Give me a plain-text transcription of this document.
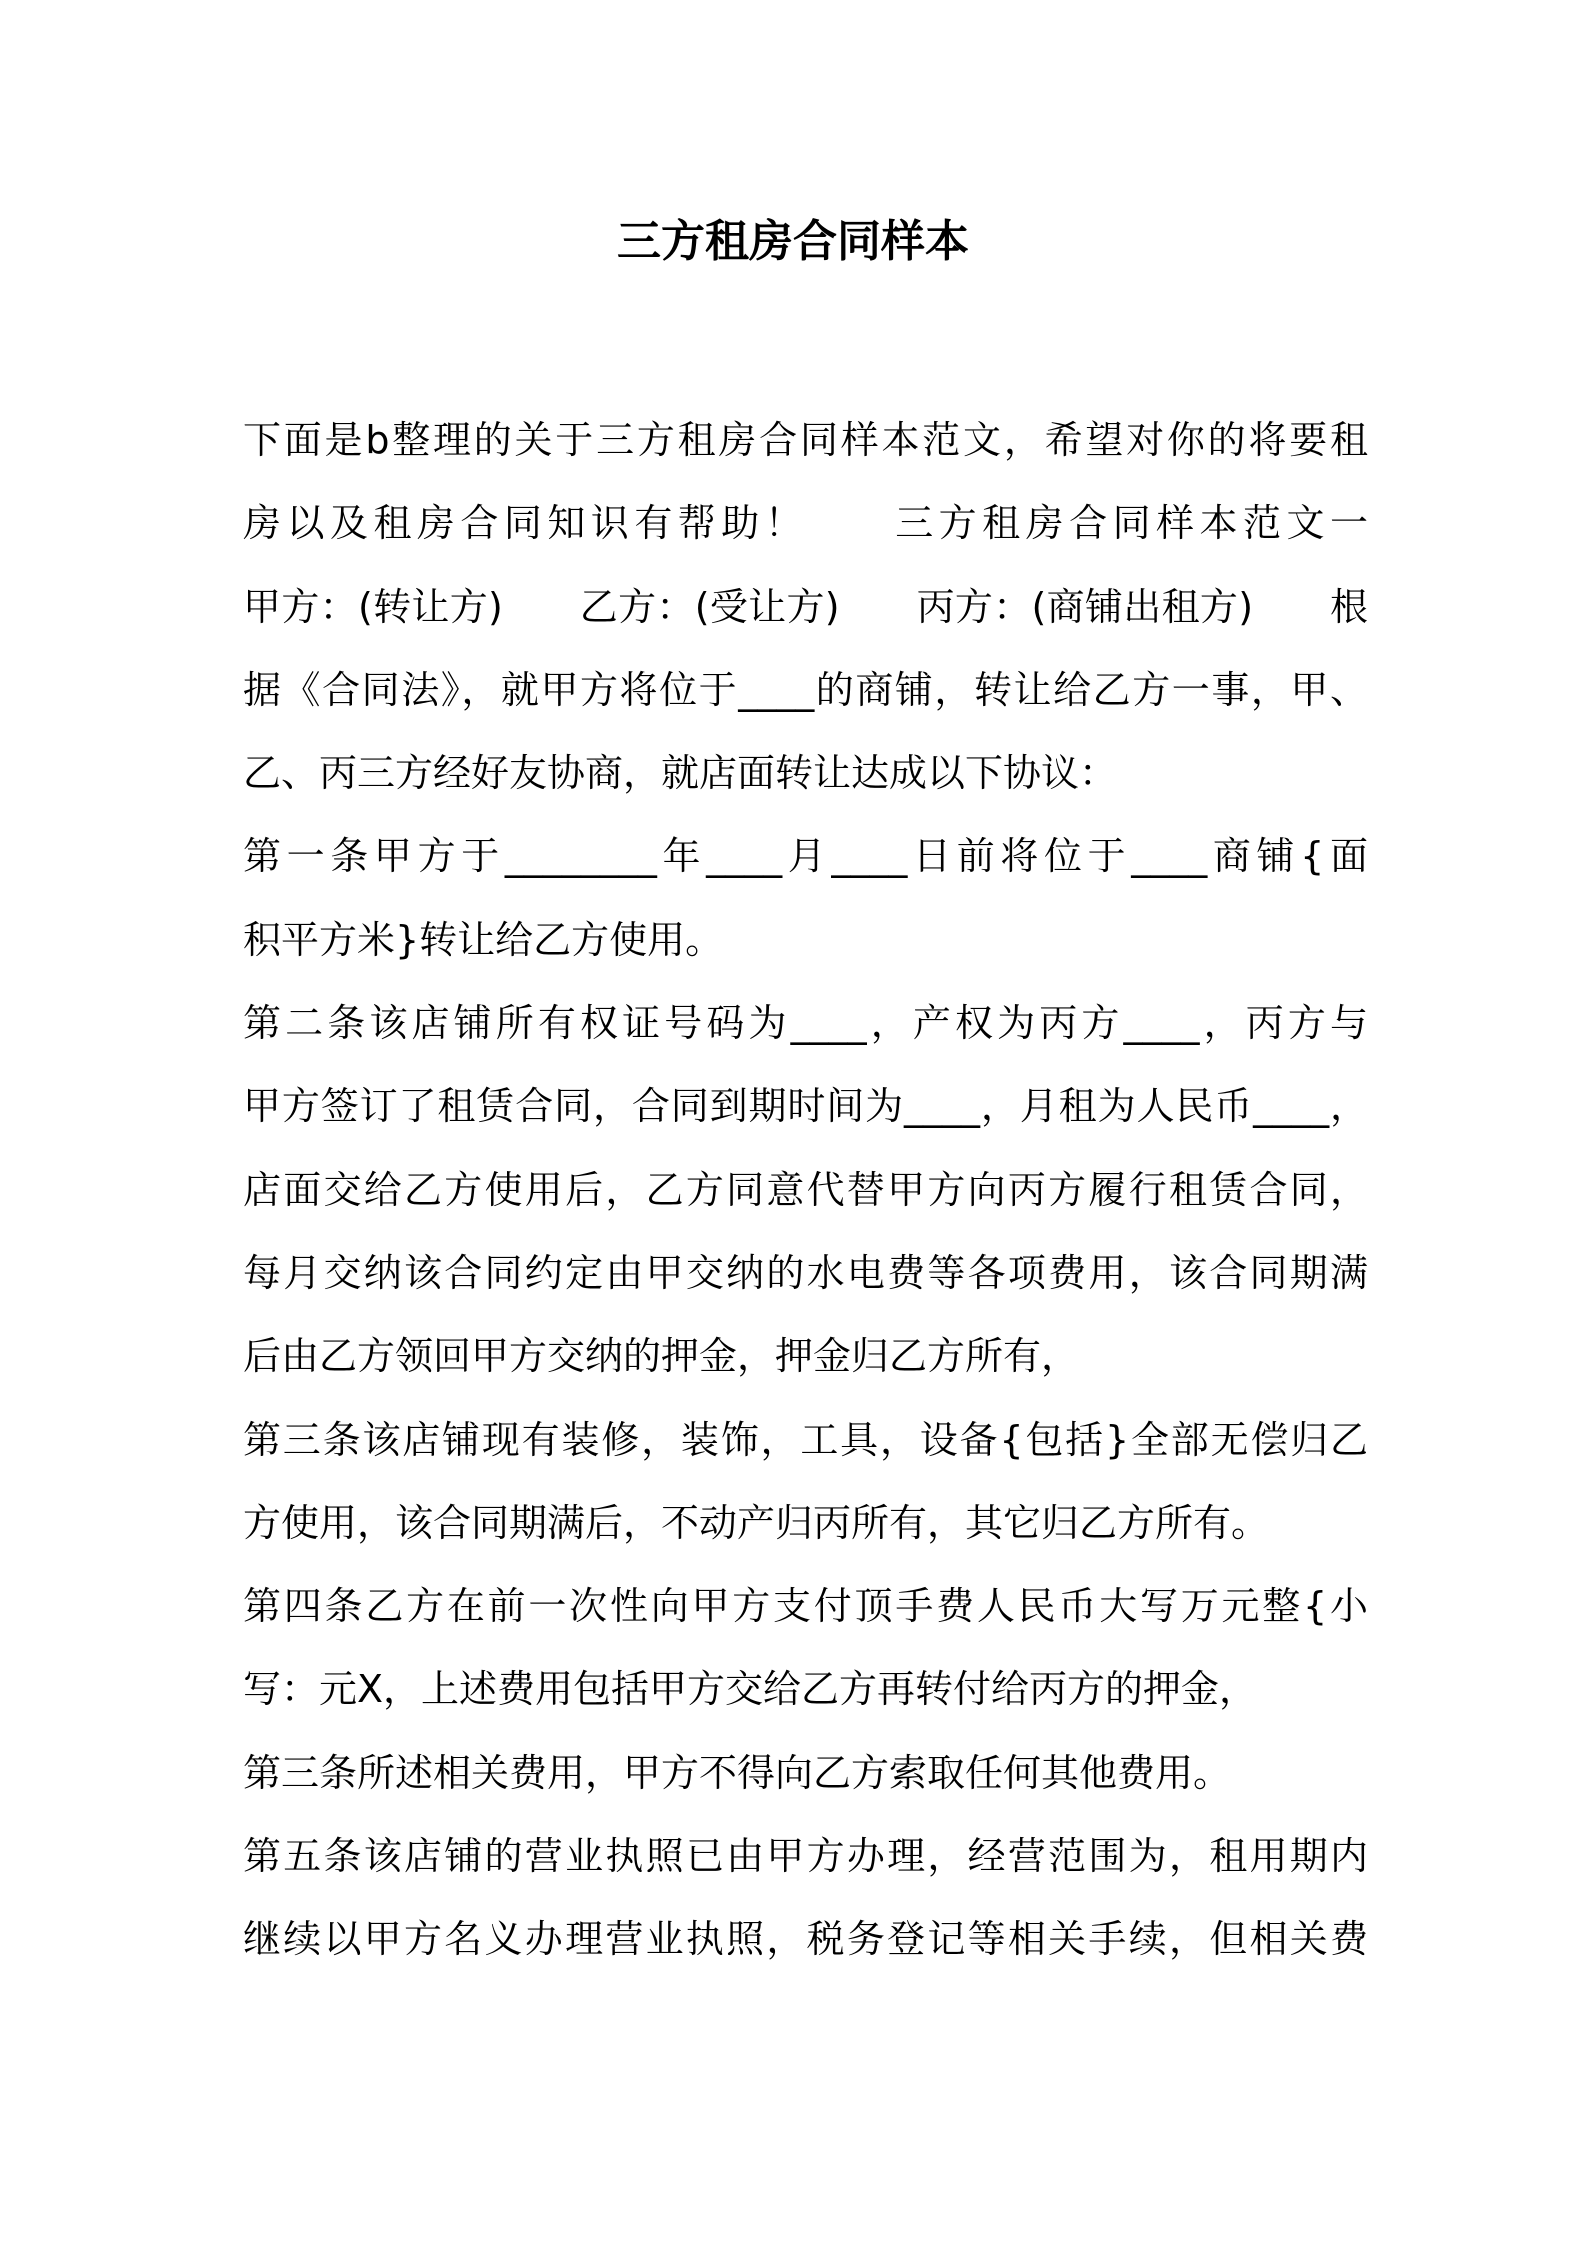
三方租房合同样本
下面是b整理的关于三方租房合同样本范文，希望对你的将要租
房以及租房合同知识有帮助！　　三方租房合同样本范文一
甲方：(转让方)　　乙方：(受让方)　　丙方：(商铺出租方)　　根
据《合同法》，就甲方将位于____的商铺，转让给乙方一事，甲、
乙、丙三方经好友协商，就店面转让达成以下协议：
第一条甲方于________年____月____日前将位于____商铺{面
积平方米}转让给乙方使用。
第二条该店铺所有权证号码为____，产权为丙方____，丙方与
甲方签订了租赁合同，合同到期时间为____，月租为人民币____，
店面交给乙方使用后，乙方同意代替甲方向丙方履行租赁合同，
每月交纳该合同约定由甲交纳的水电费等各项费用，该合同期满
后由乙方领回甲方交纳的押金，押金归乙方所有，
第三条该店铺现有装修，装饰，工具，设备{包括}全部无偿归乙
方使用，该合同期满后，不动产归丙所有，其它归乙方所有。
第四条乙方在前一次性向甲方支付顶手费人民币大写万元整{小
写：元X，上述费用包括甲方交给乙方再转付给丙方的押金，
第三条所述相关费用，甲方不得向乙方索取任何其他费用。
第五条该店铺的营业执照已由甲方办理，经营范围为，租用期内
继续以甲方名义办理营业执照，税务登记等相关手续，但相关费
